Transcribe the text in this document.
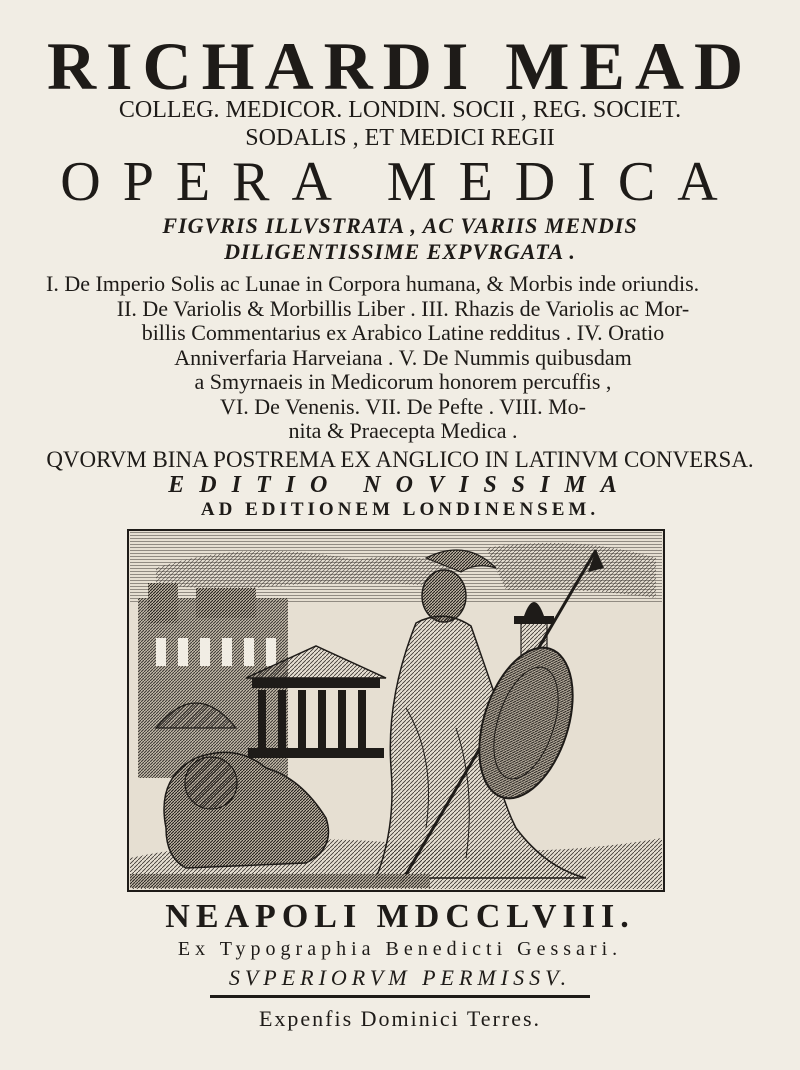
RICHARDI MEAD
COLLEG. MEDICOR. LONDIN. SOCII , REG. SOCIET.
SODALIS , ET MEDICI REGII
OPERA MEDICA
FIGVRIS ILLVSTRATA , AC VARIIS MENDIS
DILIGENTISSIME EXPVRGATA .
I. De Imperio Solis ac Lunae in Corpora humana, & Morbis inde oriundis.
II. De Variolis & Morbillis Liber . III. Rhazis de Variolis ac Mor-
billis Commentarius ex Arabico Latine redditus . IV. Oratio
Anniverfaria Harveiana . V. De Nummis quibusdam
a Smyrnaeis in Medicorum honorem percuffis ,
VI. De Venenis. VII. De Pefte . VIII. Mo-
nita & Praecepta Medica .
QVORVM BINA POSTREMA EX ANGLICO IN LATINVM CONVERSA.
EDITIO NOVISSIMA
AD EDITIONEM LONDINENSEM.
NEAPOLI MDCCLVIII.
Ex Typographia Benedicti Gessari.
SVPERIORVM PERMISSV.
Expenfis Dominici Terres.
